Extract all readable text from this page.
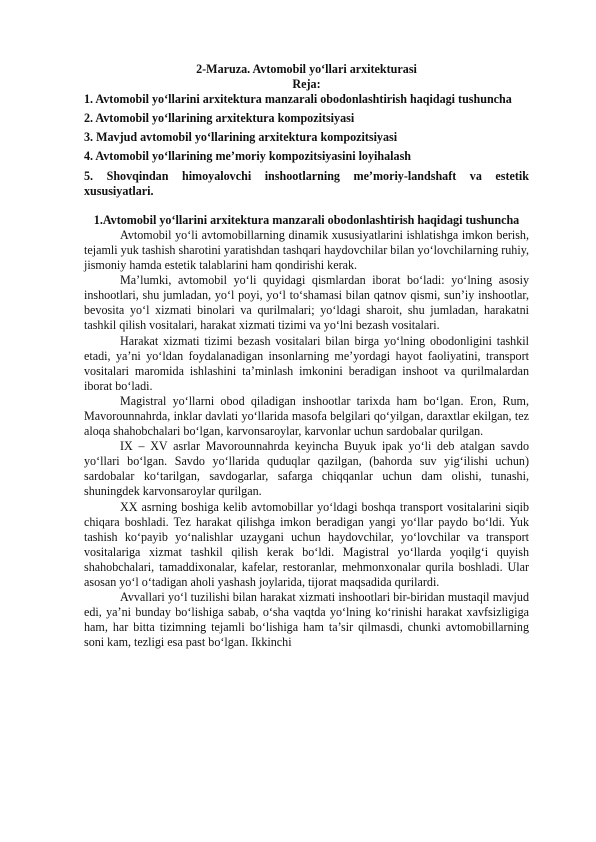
2-Maruza. Avtomobil yo‘llari arxitekturasi

Reja:

1. Avtomobil yo‘llarini arxitektura manzarali obodonlashtirish haqidagi tushuncha

2. Avtomobil yo‘llarining arxitektura kompozitsiyasi

3. Mavjud avtomobil yo‘llarining arxitektura kompozitsiyasi

4. Avtomobil yo‘llarining me’moriy kompozitsiyasini loyihalash

5. Shovqindan himoyalovchi inshootlarning me’moriy-landshaft va estetik xususiyatlari.

1.Avtomobil yo‘llarini arxitektura manzarali obodonlashtirish haqidagi tushuncha

Avtomobil yo‘li avtomobillarning dinamik xususiyatlarini ishlatishga imkon berish, tejamli yuk tashish sharotini yaratishdan tashqari haydovchilar bilan yo‘lovchilarning ruhiy, jismoniy hamda estetik talablarini ham qondirishi kerak.

Ma’lumki, avtomobil yo‘li quyidagi qismlardan iborat bo‘ladi: yo‘lning asosiy inshootlari, shu jumladan, yo‘l poyi, yo‘l to‘shamasi bilan qatnov qismi, sun’iy inshootlar, bevosita yo‘l xizmati binolari va qurilmalari; yo‘ldagi sharoit, shu jumladan, harakatni tashkil qilish vositalari, harakat xizmati tizimi va yo‘lni bezash vositalari.

Harakat xizmati tizimi bezash vositalari bilan birga yo‘lning obodonligini tashkil etadi, ya’ni yo‘ldan foydalanadigan insonlarning me’yordagi hayot faoliyatini, transport vositalari maromida ishlashini ta’minlash imkonini beradigan inshoot va qurilmalardan iborat bo‘ladi.

Magistral yo‘llarni obod qiladigan inshootlar tarixda ham bo‘lgan. Eron, Rum, Mavorounnahrda, inklar davlati yo‘llarida masofa belgilari qo‘yilgan, daraxtlar ekilgan, tez aloqa shahobchalari bo‘lgan, karvonsaroylar, karvonlar uchun sardobalar qurilgan.

IX – XV asrlar Mavorounnahrda keyincha Buyuk ipak yo‘li deb atalgan savdo yo‘llari bo‘lgan. Savdo yo‘llarida quduqlar qazilgan, (bahorda suv yig‘ilishi uchun) sardobalar ko‘tarilgan, savdogarlar, safarga chiqqanlar uchun dam olishi, tunashi, shuningdek karvonsaroylar qurilgan.

XX asrning boshiga kelib avtomobillar yo‘ldagi boshqa transport vositalarini siqib chiqara boshladi. Tez harakat qilishga imkon beradigan yangi yo‘llar paydo bo‘ldi. Yuk tashish ko‘payib yo‘nalishlar uzaygani uchun haydovchilar, yo‘lovchilar va transport vositalariga xizmat tashkil qilish kerak bo‘ldi. Magistral yo‘llarda yoqilg‘i quyish shahobchalari, tamaddixonalar, kafelar, restoranlar, mehmonxonalar qurila boshladi. Ular asosan yo‘l o‘tadigan aholi yashash joylarida, tijorat maqsadida qurilardi.

Avvallari yo‘l tuzilishi bilan harakat xizmati inshootlari bir-biridan mustaqil mavjud edi, ya’ni bunday bo‘lishiga sabab, o‘sha vaqtda yo‘lning ko‘rinishi harakat xavfsizligiga ham, har bitta tizimning tejamli bo‘lishiga ham ta’sir qilmasdi, chunki avtomobillarning soni kam, tezligi esa past bo‘lgan. Ikkinchi
